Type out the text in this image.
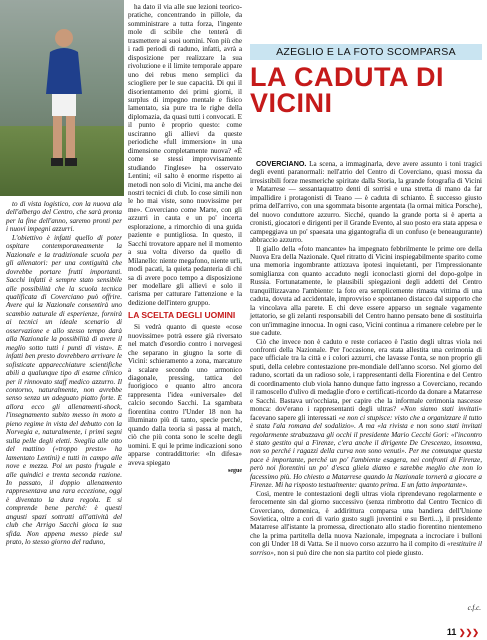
to di vista logistico, con la nuova ala dell'albergo del Centro, che sarà pronta per la fine dell'anno, saremo pronti per i nuovi impegni azzurri.

L'obiettivo è infatti quello di poter ospitare contemporaneamente la Nazionale e la tradizionale scuola per gli allenatori: per una contiguità che dovrebbe portare frutti importanti. Sacchi infatti è sempre stato sensibile alle possibilità che la scuola tecnica qualificata di Coverciano può offrire. Avere qui la Nazionale consentirà uno scambio naturale di esperienze, fornirà ai tecnici un ideale scenario di osservazione e allo stesso tempo darà alla Nazionale la possibilità di avere il meglio sotto tutti i punti di vista». E infatti ben presto dovrebbero arrivare le sofisticate apparecchiature scientifiche abili a qualunque tipo di esame clinico per il rinnovato staff medico azzurro. Il contorno, naturalmente, non avrebbe senso senza un adeguato piatto forte. E allora ecco gli allenamenti-shock, l'insegnamento subito messo in moto a pieno regime in vista del debutto con la Norvegia e, naturalmente, i primi segni sulla pelle degli eletti. Sveglia alle otto del mattino («troppo presto» ha lamentato Lentini) e tutti in campo alle nove e mezza. Poi un pasto frugale e alle quindici e trenta seconda razione. In passato, il doppio allenamento rappresentava una rara eccezione, oggi è diventato la dura regola. E si comprende bene perché: è questi angusti spazi sottratti all'attività del club che Arrigo Sacchi gioca la sua sfida. Non appena messo piede sul prato, lo stesso giorno del raduno,

ha dato il via alle sue lezioni teorico-pratiche, concentrando in pillole, da somministrare a tutta forza, l'ingente mole di scibile che tenterà di trasmettere ai suoi uomini. Non più che i radi periodi di raduno, infatti, avrà a disposizione per realizzare la sua rivoluzione e il limite temporale appare uno dei rebus meno semplici da sciogliere per le sue capacità. Di qui il disorientamento dei primi giorni, il surplus di impegno mentale e fisico lamentato, sia pure tra le righe della diplomazia, da quasi tutti i convocati. E il punto è proprio questo: come usciranno gli allievi da queste periodiche «full immersion» in una dimensione completamente nuova? «È come se stessi improvvisamente studiando l'inglese» ha osservato Lentini; «il salto è enorme rispetto ai metodi non solo di Vicini, ma anche dei nostri tecnici di club. Io cose simili non le ho mai viste, sono nuovissime per me». Coverciano come Marte, con gli azzurri in cauta e un po' incerta esplorazione, a rimorchio di una guida paziente e puntigliosa. In questo, il Sacchi trovatore appare nel il momento a sua volta diverso da quello di Milanello: niente megafono, niente urli, modi pacati, la quieta pedanteria di chi sa di avere poco tempo a disposizione per modellare gli allievi e solo il carisma per catturare l'attenzione e la dedizione dell'intero gruppo.

LA SCELTA DEGLI UOMINI

Si vedrà quanto di queste «cose nuovissime» potrà essere già riversato nel match d'esordio contro i norvegesi che separano in giugno la sorte di Vicini: schieramento a zona, marcature a scalare secondo uno armonico diagonale, pressing, tattica del fuorigioco e quanto altro ancora rappresenta l'idea «universale» del calcio secondo Sacchi. La sgambata fiorentina contro l'Under 18 non ha illuminato più di tanto, specie perché, quando dalla teoria si passa al match, ciò che più conta sono le scelte degli uomini. E qui le prime indicazioni sono apparse contraddittorie: «In difesa» aveva spiegato

segue
AZEGLIO E LA FOTO SCOMPARSA
LA CADUTA DI VICINI

COVERCIANO. La scena, a immaginarla, deve avere assunto i toni tragici degli eventi paranormali: nell'atrio del Centro di Coverciano, quasi mossa da irresistibili forze mesmeriche spiritate dalla Storia, la grande fotografia di Vicini e Matarrese — sessantaquattro denti di sorrisi e una stretta di mano da far impallidire i protagonisti di Teano — è caduta di schianto. È successo giusto prima dell'arrivo, con una sgommata bisonte argentata (la ormai mitica Porsche), del nuovo conduttore azzurro. Sicché, quando la grande porta si è aperta a cronisti, giocatori e dirigenti per il Grande Evento, al suo posto era stata appesa e campeggiava un po' spaesata una gigantografia di un confuso (e beneaugurante) abbraccio azzurro.

Il giallo della «foto mancante» ha impegnato febbrilmente le prime ore della Nuova Era della Nazionale. Quel ritratto di Vicini inspiegabilmente sparito come una memoria ingombrante attizzava ipotesi inquietanti, per l'impressionante somiglianza con quanto accaduto negli iconoclasti giorni del dopo-golpe in Russia. Fortunatamente, le plausibili spiegazioni degli addetti del Centro tranquillizzavano l'ambiente: la foto era semplicemente rimasta vittima di una caduta, dovuta ad accidentale, improvviso e spontaneo distacco dal supporto che la vincolava alla parete. E chi deve essere apparso un segnale vagamente jettatorio, se gli zelanti responsabili del Centro hanno pensato bene di sostituirla con un'immagine innocua. In ogni caso, Vicini continua a rimanere celebre per le sue cadute.

Ciò che invece non è caduto e reste coriaceo è l'astio degli ultras viola nei confronti della Nazionale. Per l'occasione, era stata allestita una cerimonia di pace ufficiale tra la città e i colori azzurri, che lavasse l'onta, se non proprio gli sputi, della celebre contestazione pre-mondiale dell'anno scorso. Nel giorno del raduno, scortati da un radioso sole, i rappresentanti della Fiorentina e del Centro di coordinamento club viola hanno dunque fatto ingresso a Coverciano, recando il ramoscello d'ulivo di medaglie d'oro e certificati-ricordo da donare a Matarrese e Sacchi. Bastava un'occhiata, per capire che la informale cerimonia nascesse monca: dov'erano i rappresentanti degli ultras? «Non siamo stati invitati» facevano sapere gli interessati «e non ci stupisce: visto che a organizzare il tutto è stata l'ala romana del sodalizio». A ma «la rivista e non sono stati invitati regolarmente strabuzzava gli occhi il presidente Mario Cecchi Gori: «l'incontro è stato gestito qui a Firenze, c'era anche il dirigente De Crescenzo, insomma, non so perché i ragazzi della curva non sono venuti». Per me comunque questa pace è importante, perché un po' l'ambiente esagera, nei confronti di Firenze, però noi fiorentini un po' d'esca gliela diamo e sarebbe meglio che non lo facessimo più. Ho chiesto a Matarrese quando la Nazionale tornerà a giocare a Firenze. Mi ha risposto testualmente: quanto prima. E un fatto importante».

Così, mentre le contestazioni degli ultras viola riprendevano regolarmente e ferocemente sin dal giorno successivo (senza rimbrotto dal Centro Tecnico di Coverciano, domenica, è addirittura comparsa una bandiera dell'Unione Sovietica, oltre a cori di vario gusto sugli juventini e su Berti...), il presidente Matarrese all'istante la promessa, directionato allo stadio fiorentino nientemeno che la prima partitella della nuova Nazionale, impegnata a incrociare i bulloni con gli Under 18 di Vatta. Se il nuovo corso azzurro ha il compito di «restituire il sorriso», non si può dire che non sia partito col piede giusto.

c.f.c.
11 ❯❯❯
